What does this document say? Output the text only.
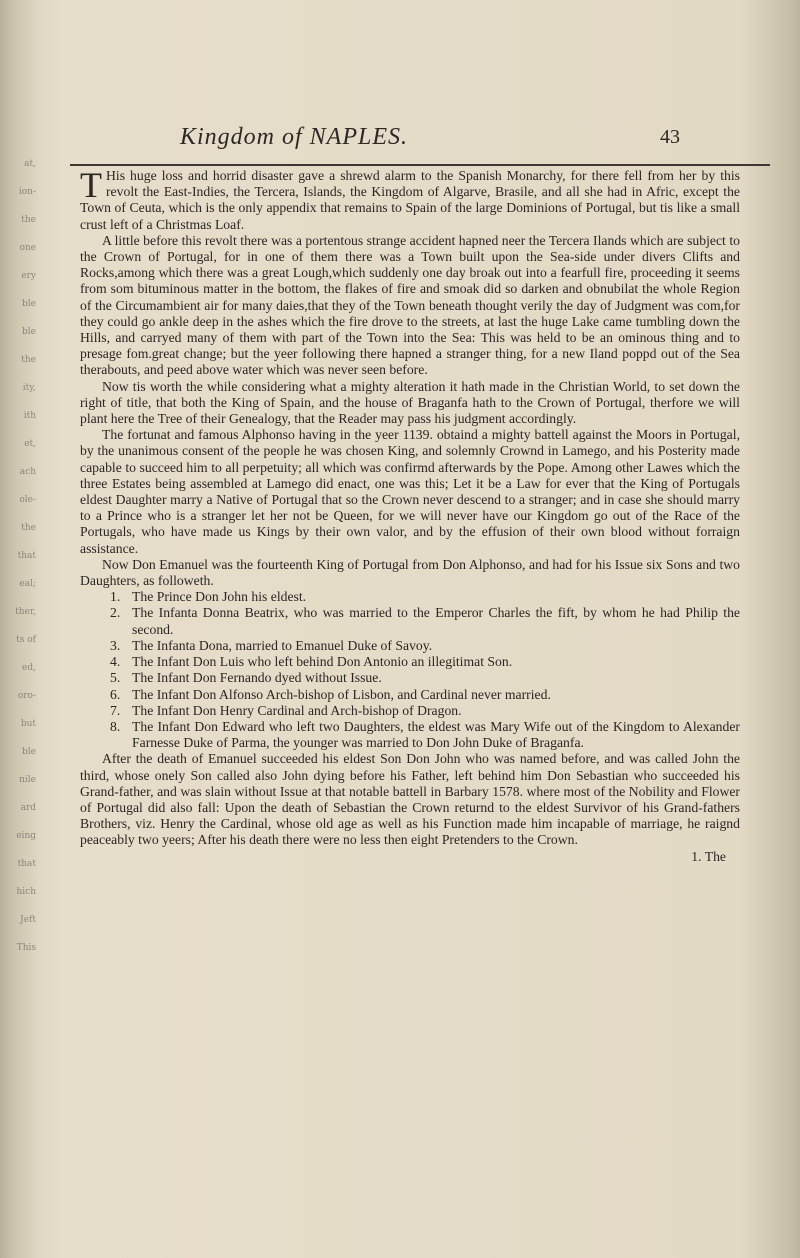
at,
ion-
the
one
ery
ble
ble
the
ity,
ith
et,
ach
ole-
the
that
eal;
ther,
ts of
ed,
oro-
but
ble
nile
ard
eing
that
hich
Jeft
This
Kingdom of NAPLES.	43

T His huge loss and horrid disaster gave a shrewd alarm to the Spanish Monarchy, for there fell from her by this revolt the East-Indies, the Tercera, Islands, the Kingdom of Algarve, Brasile, and all she had in Afric, except the Town of Ceuta, which is the only appendix that remains to Spain of the large Dominions of Portugal, but tis like a small crust left of a Christmas Loaf.

A little before this revolt there was a portentous strange accident hapned neer the Tercera Ilands which are subject to the Crown of Portugal, for in one of them there was a Town built upon the Sea-side under divers Clifts and Rocks,among which there was a great Lough,which suddenly one day broak out into a fearfull fire, proceeding it seems from som bituminous matter in the bottom, the flakes of fire and smoak did so darken and obnubilat the whole Region of the Circumambient air for many daies,that they of the Town beneath thought verily the day of Judgment was com,for they could go ankle deep in the ashes which the fire drove to the streets, at last the huge Lake came tumbling down the Hills, and carryed many of them with part of the Town into the Sea: This was held to be an ominous thing and to presage fom.great change; but the yeer following there hapned a stranger thing, for a new Iland poppd out of the Sea therabouts, and peed above water which was never seen before.

Now tis worth the while considering what a mighty alteration it hath made in the Christian World, to set down the right of title, that both the King of Spain, and the house of Braganfa hath to the Crown of Portugal, therfore we will plant here the Tree of their Genealogy, that the Reader may pass his judgment accordingly.

The fortunat and famous Alphonso having in the yeer 1139. obtaind a mighty battell against the Moors in Portugal, by the unanimous consent of the people he was chosen King, and solemnly Crownd in Lamego, and his Posterity made capable to succeed him to all perpetuity; all which was confirmd afterwards by the Pope. Among other Lawes which the three Estates being assembled at Lamego did enact, one was this; Let it be a Law for ever that the King of Portugals eldest Daughter marry a Native of Portugal that so the Crown never descend to a stranger; and in case she should marry to a Prince who is a stranger let her not be Queen, for we will never have our Kingdom go out of the Race of the Portugals, who have made us Kings by their own valor, and by the effusion of their own blood without forraign assistance.

Now Don Emanuel was the fourteenth King of Portugal from Don Alphonso, and had for his Issue six Sons and two Daughters, as followeth.

1. The Prince Don John his eldest.
2. The Infanta Donna Beatrix, who was married to the Emperor Charles the fift, by whom he had Philip the second.
3. The Infanta Dona, married to Emanuel Duke of Savoy.
4. The Infant Don Luis who left behind Don Antonio an illegitimat Son.
5. The Infant Don Fernando dyed without Issue.
6. The Infant Don Alfonso Arch-bishop of Lisbon, and Cardinal never married.
7. The Infant Don Henry Cardinal and Arch-bishop of Dragon.
8. The Infant Don Edward who left two Daughters, the eldest was Mary Wife out of the Kingdom to Alexander Farnesse Duke of Parma, the younger was married to Don John Duke of Braganfa.

After the death of Emanuel succeeded his eldest Son Don John who was named before, and was called John the third, whose onely Son called also John dying before his Father, left behind him Don Sebastian who succeeded his Grand-father, and was slain without Issue at that notable battell in Barbary 1578. where most of the Nobility and Flower of Portugal did also fall: Upon the death of Sebastian the Crown returnd to the eldest Survivor of his Grand-fathers Brothers, viz. Henry the Cardinal, whose old age as well as his Function made him incapable of marriage, he raignd peaceably two yeers; After his death there were no less then eight Pretenders to the Crown.

1. The
